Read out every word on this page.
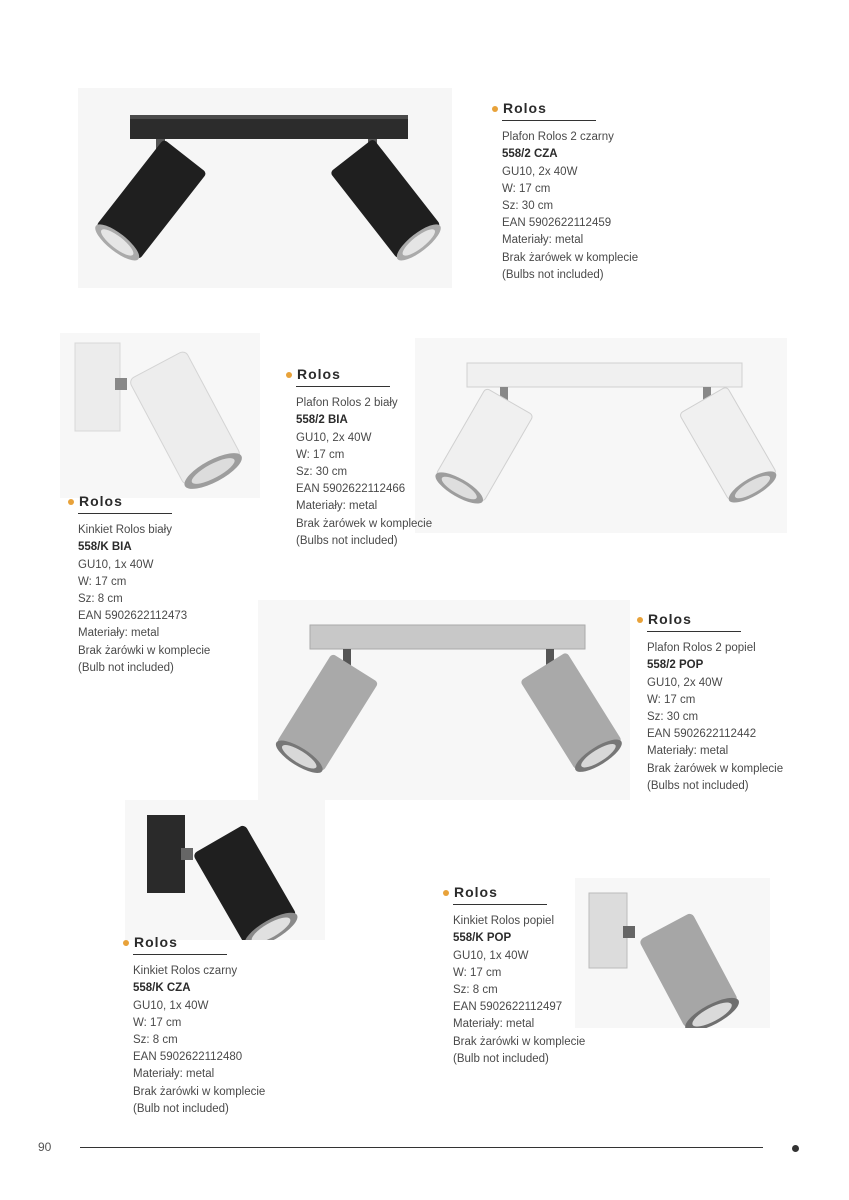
Rolos
Plafon Rolos 2 czarny
558/2 CZA
GU10, 2x 40W
W: 17 cm
Sz: 30 cm
EAN 5902622112459
Materiały: metal
Brak żarówek w komplecie
(Bulbs not included)
Rolos
Plafon Rolos 2 biały
558/2 BIA
GU10, 2x 40W
W: 17 cm
Sz: 30 cm
EAN 5902622112466
Materiały: metal
Brak żarówek w komplecie
(Bulbs not included)
Rolos
Kinkiet Rolos biały
558/K BIA
GU10, 1x 40W
W: 17 cm
Sz: 8 cm
EAN 5902622112473
Materiały: metal
Brak żarówki w komplecie
(Bulb not included)
Rolos
Plafon Rolos 2 popiel
558/2 POP
GU10, 2x 40W
W: 17 cm
Sz: 30 cm
EAN 5902622112442
Materiały: metal
Brak żarówek w komplecie
(Bulbs not included)
Rolos
Kinkiet Rolos popiel
558/K POP
GU10, 1x 40W
W: 17 cm
Sz: 8 cm
EAN 5902622112497
Materiały: metal
Brak żarówki w komplecie
(Bulb not included)
Rolos
Kinkiet Rolos czarny
558/K CZA
GU10, 1x 40W
W: 17 cm
Sz: 8 cm
EAN 5902622112480
Materiały: metal
Brak żarówki w komplecie
(Bulb not included)
90
